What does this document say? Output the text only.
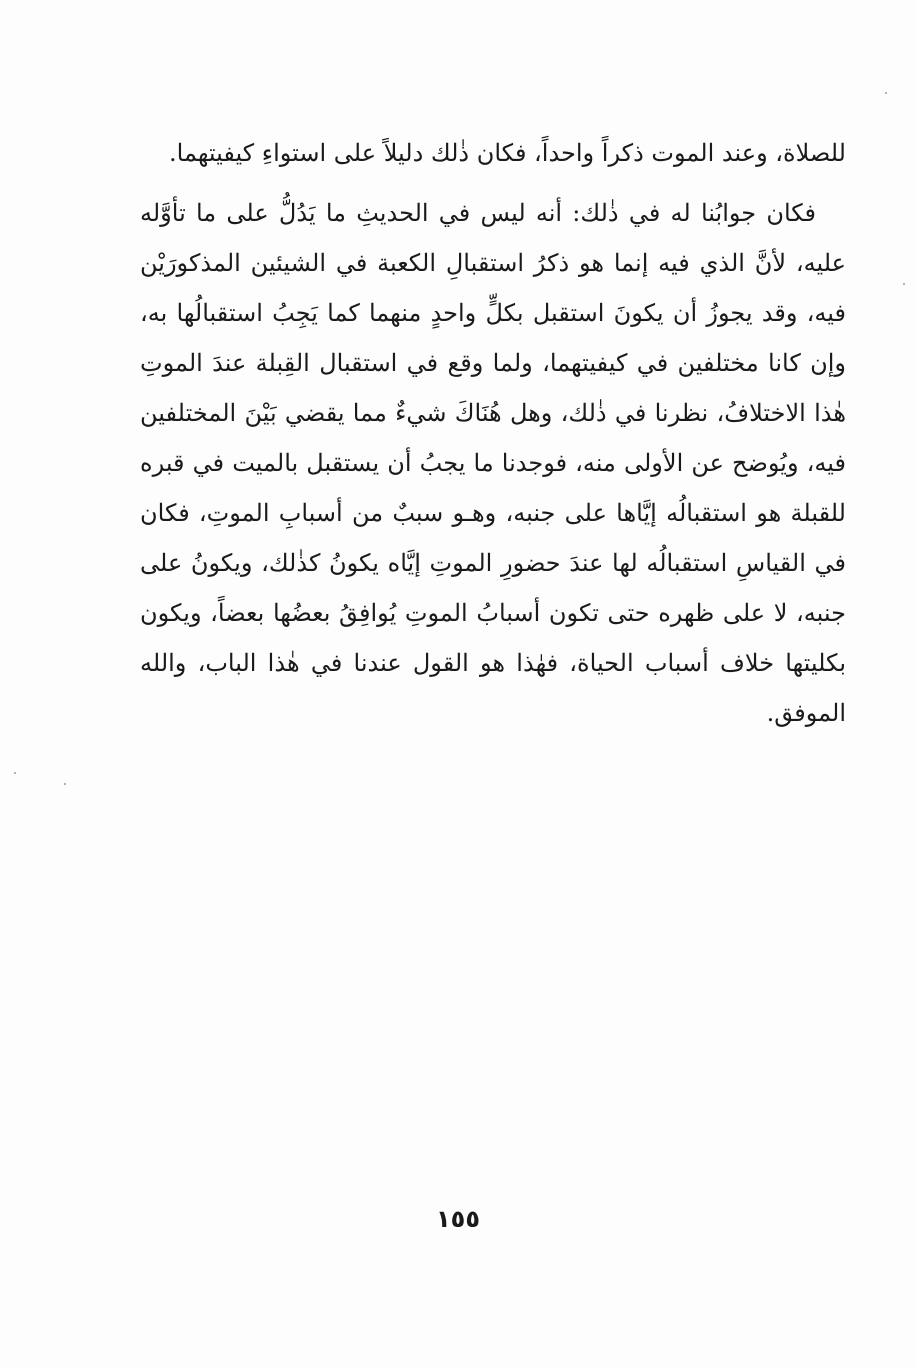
للصلاة، وعند الموت ذكراً واحداً، فكان ذٰلك دليلاً على استواءِ كيفيتهما.

فكان جوابُنا له في ذٰلك: أنه ليس في الحديثِ ما يَدُلُّ على ما تأوَّله عليه، لأنَّ الذي فيه إنما هو ذكرُ استقبالِ الكعبة في الشيئين المذكورَيْن فيه، وقد يجوزُ أن يكونَ استقبل بكلٍّ واحدٍ منهما كما يَجِبُ استقبالُها به، وإن كانا مختلفين في كيفيتهما، ولما وقع في استقبال القِبلة عندَ الموتِ هٰذا الاختلافُ، نظرنا في ذٰلك، وهل هُنَاكَ شيءٌ مما يقضي بَيْنَ المختلفين فيه، ويُوضح عن الأولى منه، فوجدنا ما يجبُ أن يستقبل بالميت في قبره للقبلة هو استقبالُه إيَّاها على جنبه، وهـو سببٌ من أسبابِ الموتِ، فكان في القياسِ استقبالُه لها عندَ حضورِ الموتِ إيَّاه يكونُ كذٰلك، ويكونُ على جنبه، لا على ظهره حتى تكون أسبابُ الموتِ يُوافِقُ بعضُها بعضاً، ويكون بكليتها خلاف أسباب الحياة، فهٰذا هو القول عندنا في هٰذا الباب، والله الموفق.

١٥٥
